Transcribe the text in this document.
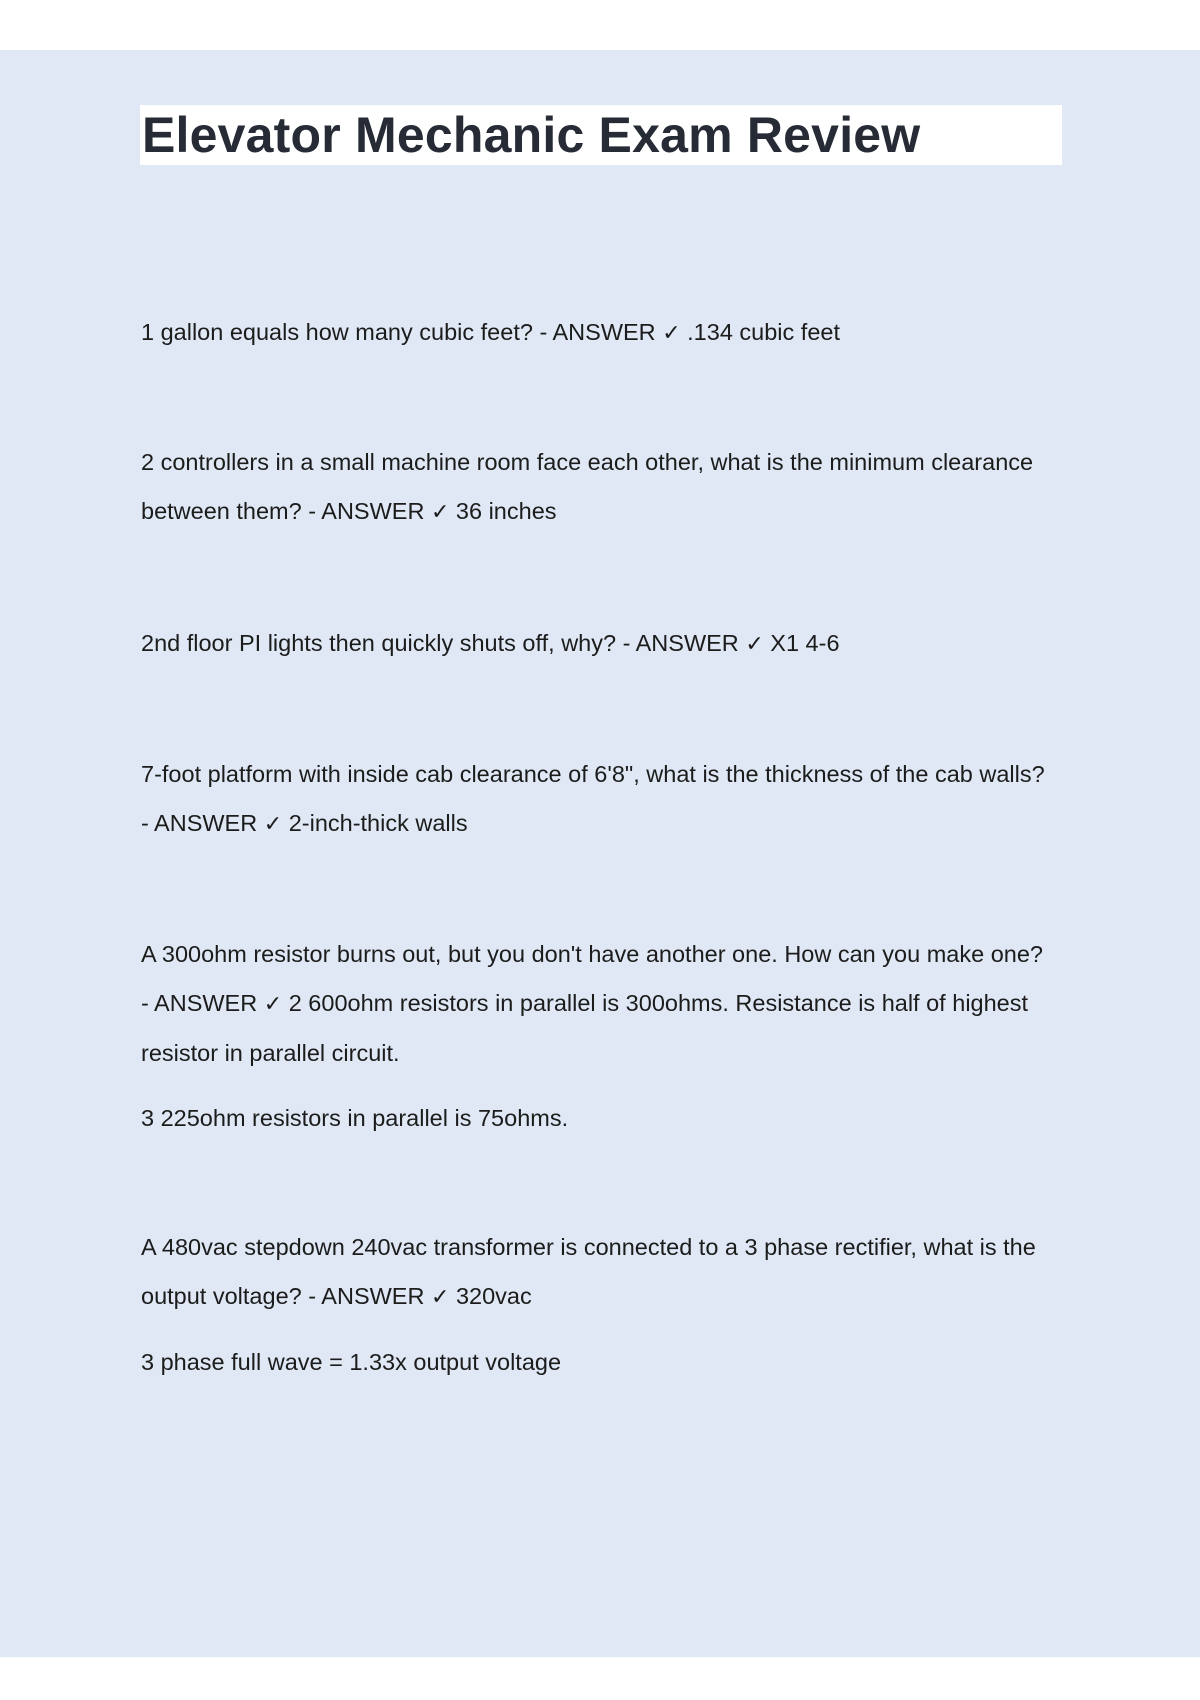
Elevator Mechanic Exam Review

1 gallon equals how many cubic feet? - ANSWER ✓ .134 cubic feet

2 controllers in a small machine room face each other, what is the minimum clearance
between them? - ANSWER ✓ 36 inches

2nd floor PI lights then quickly shuts off, why? - ANSWER ✓ X1 4-6

7-foot platform with inside cab clearance of 6'8", what is the thickness of the cab walls?
- ANSWER ✓ 2-inch-thick walls

A 300ohm resistor burns out, but you don't have another one. How can you make one?
- ANSWER ✓ 2 600ohm resistors in parallel is 300ohms. Resistance is half of highest
resistor in parallel circuit.

3 225ohm resistors in parallel is 75ohms.

A 480vac stepdown 240vac transformer is connected to a 3 phase rectifier, what is the
output voltage? - ANSWER ✓ 320vac

3 phase full wave = 1.33x output voltage
